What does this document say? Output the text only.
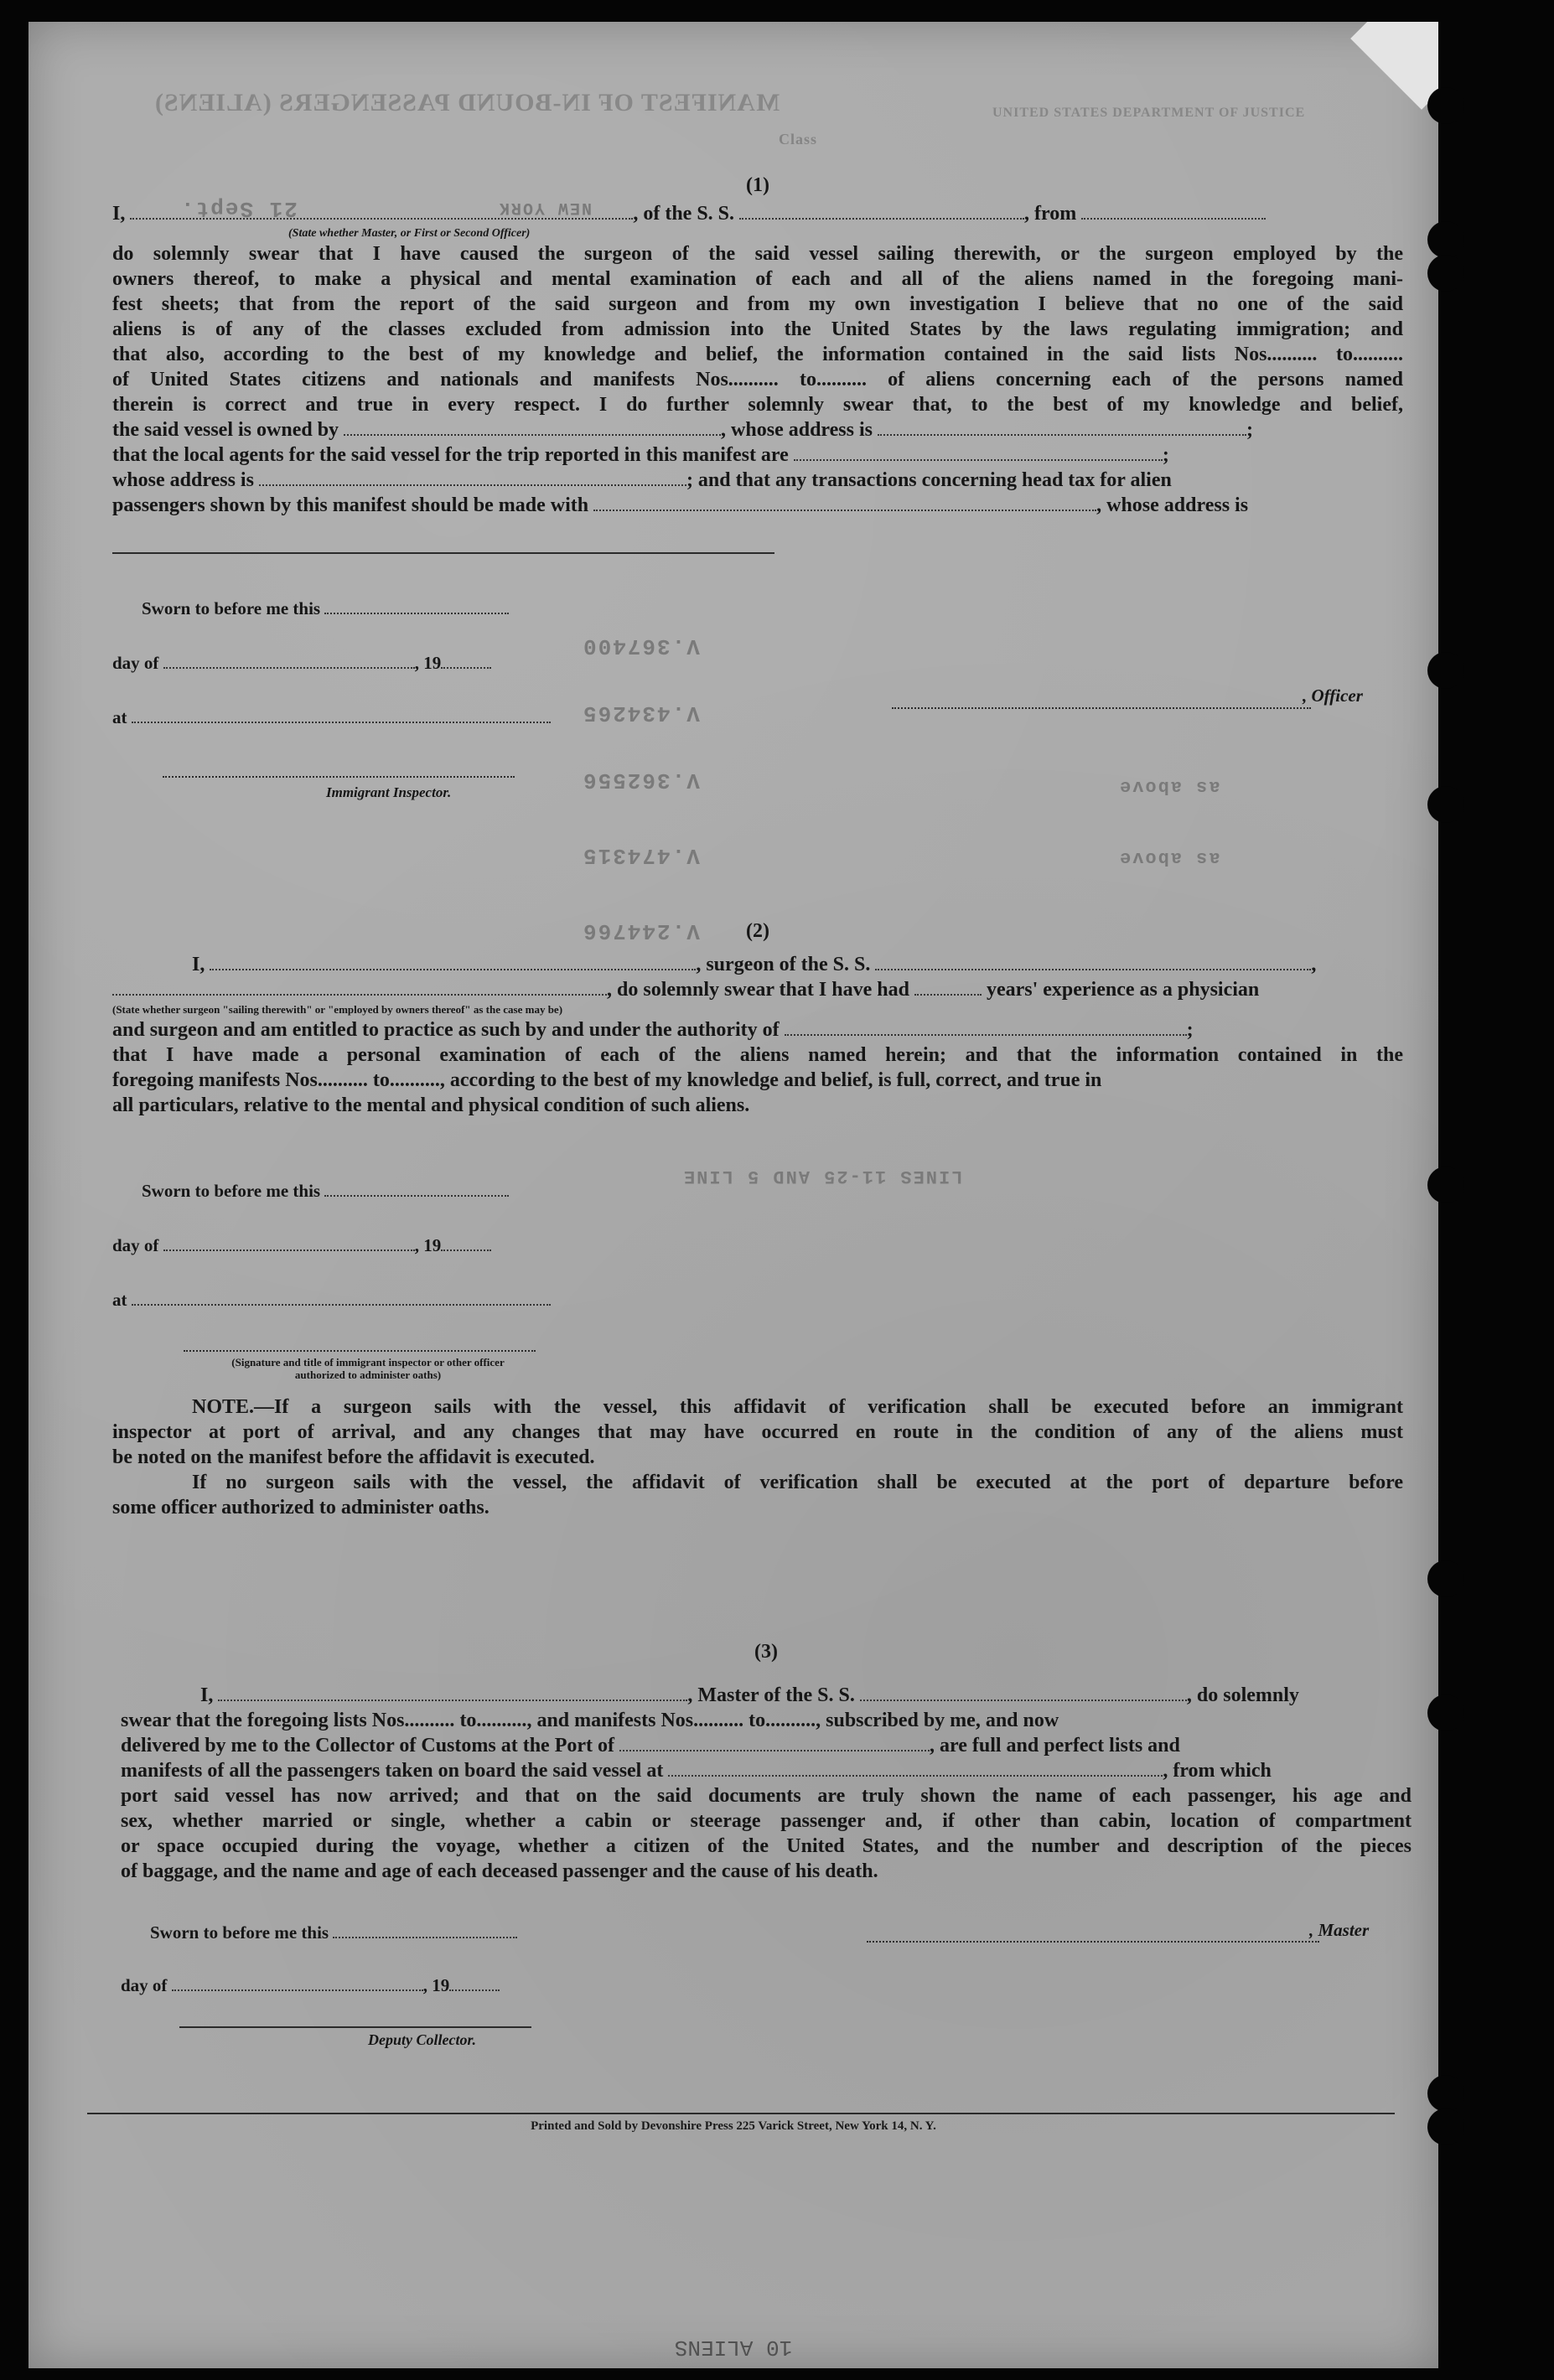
MANIFEST OF IN-BOUND PASSENGERS (ALIENS)	UNITED STATES DEPARTMENT OF JUSTICE
Class
21 Sept.	NEW YORK
V.367400
V.434265
V.362556
V.474315
V.244766
as above
as above
LINES 11-25 AND 5 LINE
(1)
I,	, of the S. S.	, from
(State whether Master, or First or Second Officer)
do solemnly swear that I have caused the surgeon of the said vessel sailing therewith, or the surgeon employed by the
owners thereof, to make a physical and mental examination of each and all of the aliens named in the foregoing mani-
fest sheets; that from the report of the said surgeon and from my own investigation I believe that no one of the said
aliens is of any of the classes excluded from admission into the United States by the laws regulating immigration; and
that also, according to the best of my knowledge and belief, the information contained in the said lists Nos.......... to..........
of United States citizens and nationals and manifests Nos.......... to.......... of aliens concerning each of the persons named
therein is correct and true in every respect. I do further solemnly swear that, to the best of my knowledge and belief,
the said vessel is owned by	, whose address is	;
that the local agents for the said vessel for the trip reported in this manifest are	;
whose address is	; and that any transactions concerning head tax for alien
passengers shown by this manifest should be made with	, whose address is
Sworn to before me this
day of	, 19
at
Immigrant Inspector.
, Officer
(2)
I,	, surgeon of the S. S.	,
, do solemnly swear that I have had	years' experience as a physician
(State whether surgeon "sailing therewith" or "employed by owners thereof" as the case may be)
and surgeon and am entitled to practice as such by and under the authority of	;
that I have made a personal examination of each of the aliens named herein; and that the information contained in the
foregoing manifests Nos.......... to.........., according to the best of my knowledge and belief, is full, correct, and true in
all particulars, relative to the mental and physical condition of such aliens.
Sworn to before me this
day of	, 19
at
(Signature and title of immigrant inspector or other officer authorized to administer oaths)
NOTE.—If a surgeon sails with the vessel, this affidavit of verification shall be executed before an immigrant
inspector at port of arrival, and any changes that may have occurred en route in the condition of any of the aliens must
be noted on the manifest before the affidavit is executed.
If no surgeon sails with the vessel, the affidavit of verification shall be executed at the port of departure before
some officer authorized to administer oaths.
(3)
I,	, Master of the S. S.	, do solemnly
swear that the foregoing lists Nos.......... to.........., and manifests Nos.......... to.........., subscribed by me, and now
delivered by me to the Collector of Customs at the Port of	, are full and perfect lists and
manifests of all the passengers taken on board the said vessel at	, from which
port said vessel has now arrived; and that on the said documents are truly shown the name of each passenger, his age and
sex, whether married or single, whether a cabin or steerage passenger and, if other than cabin, location of compartment
or space occupied during the voyage, whether a citizen of the United States, and the number and description of the pieces
of baggage, and the name and age of each deceased passenger and the cause of his death.
Sworn to before me this	, Master
day of	, 19
Deputy Collector.
Printed and Sold by Devonshire Press 225 Varick Street, New York 14, N. Y.
10 ALIENS
